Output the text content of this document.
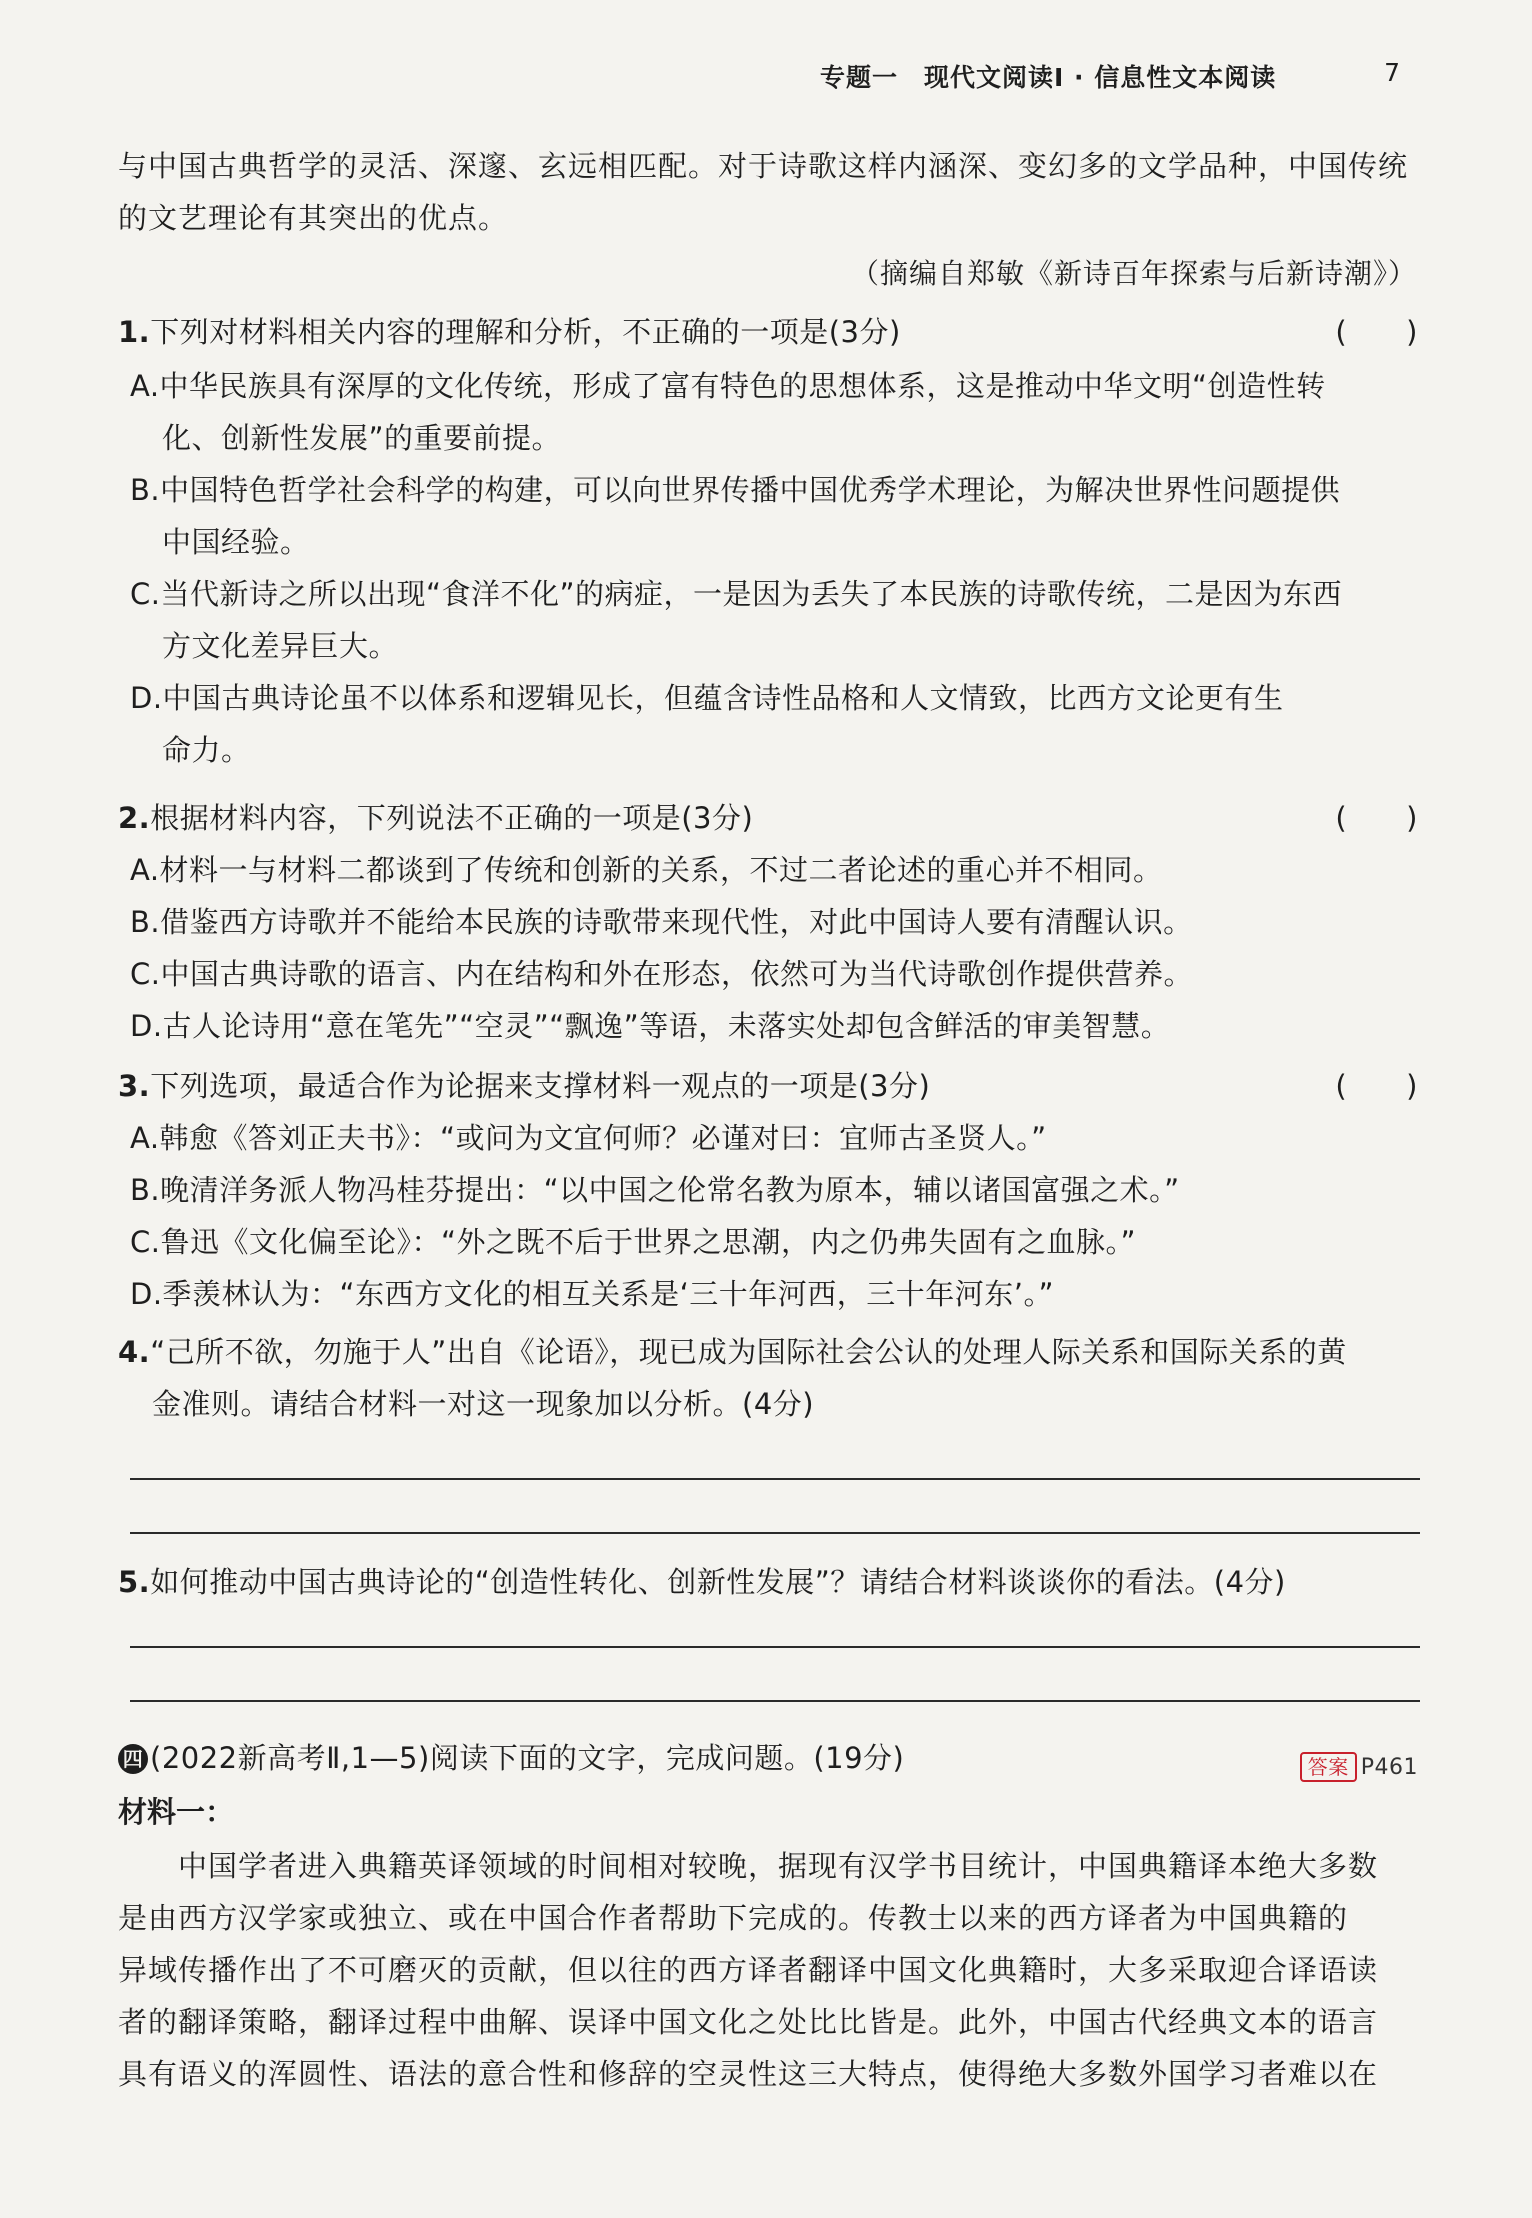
专题一　现代文阅读Ⅰ · 信息性文本阅读	7
与中国古典哲学的灵活、深邃、玄远相匹配。对于诗歌这样内涵深、变幻多的文学品种，中国传统
的文艺理论有其突出的优点。
（摘编自郑敏《新诗百年探索与后新诗潮》）
1.下列对材料相关内容的理解和分析，不正确的一项是(3分)	(　　)
A.中华民族具有深厚的文化传统，形成了富有特色的思想体系，这是推动中华文明“创造性转
化、创新性发展”的重要前提。
B.中国特色哲学社会科学的构建，可以向世界传播中国优秀学术理论，为解决世界性问题提供
中国经验。
C.当代新诗之所以出现“食洋不化”的病症，一是因为丢失了本民族的诗歌传统，二是因为东西
方文化差异巨大。
D.中国古典诗论虽不以体系和逻辑见长，但蕴含诗性品格和人文情致，比西方文论更有生
命力。
2.根据材料内容，下列说法不正确的一项是(3分)	(　　)
A.材料一与材料二都谈到了传统和创新的关系，不过二者论述的重心并不相同。
B.借鉴西方诗歌并不能给本民族的诗歌带来现代性，对此中国诗人要有清醒认识。
C.中国古典诗歌的语言、内在结构和外在形态，依然可为当代诗歌创作提供营养。
D.古人论诗用“意在笔先”“空灵”“飘逸”等语，未落实处却包含鲜活的审美智慧。
3.下列选项，最适合作为论据来支撑材料一观点的一项是(3分)	(　　)
A.韩愈《答刘正夫书》：“或问为文宜何师？必谨对曰：宜师古圣贤人。”
B.晚清洋务派人物冯桂芬提出：“以中国之伦常名教为原本，辅以诸国富强之术。”
C.鲁迅《文化偏至论》：“外之既不后于世界之思潮，内之仍弗失固有之血脉。”
D.季羡林认为：“东西方文化的相互关系是‘三十年河西，三十年河东’。”
4.“己所不欲，勿施于人”出自《论语》，现已成为国际社会公认的处理人际关系和国际关系的黄
金准则。请结合材料一对这一现象加以分析。(4分)
5.如何推动中国古典诗论的“创造性转化、创新性发展”？请结合材料谈谈你的看法。(4分)
四 (2022新高考Ⅱ,1—5)阅读下面的文字，完成问题。(19分)	答案 P461
材料一：
中国学者进入典籍英译领域的时间相对较晚，据现有汉学书目统计，中国典籍译本绝大多数
是由西方汉学家或独立、或在中国合作者帮助下完成的。传教士以来的西方译者为中国典籍的
异域传播作出了不可磨灭的贡献，但以往的西方译者翻译中国文化典籍时，大多采取迎合译语读
者的翻译策略，翻译过程中曲解、误译中国文化之处比比皆是。此外，中国古代经典文本的语言
具有语义的浑圆性、语法的意合性和修辞的空灵性这三大特点，使得绝大多数外国学习者难以在
